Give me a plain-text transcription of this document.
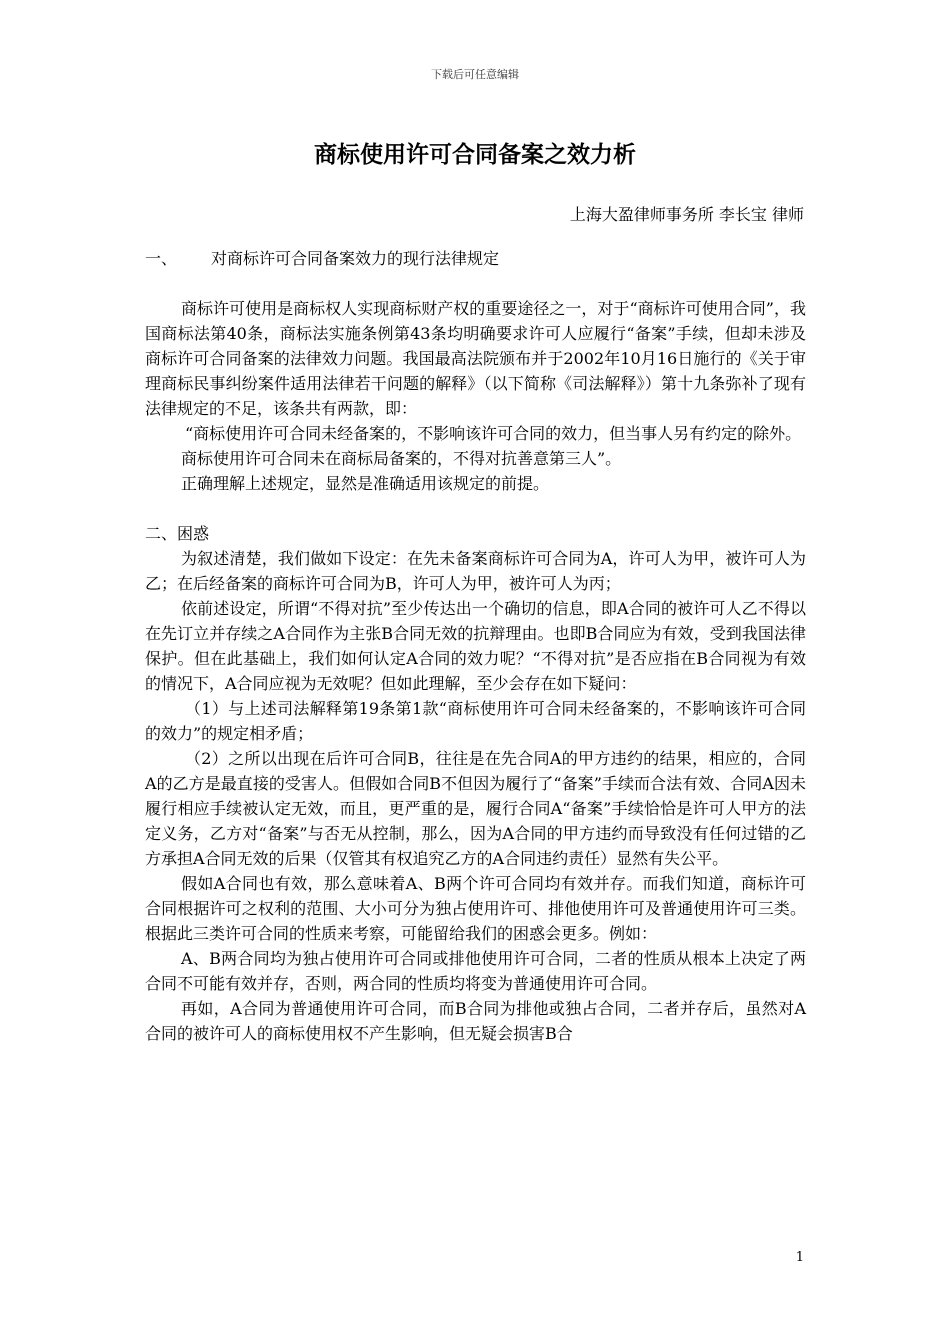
下载后可任意编辑
商标使用许可合同备案之效力析
上海大盈律师事务所 李长宝 律师

一、	对商标许可合同备案效力的现行法律规定

商标许可使用是商标权人实现商标财产权的重要途径之一，对于“商标许可使用合同”，我国商标法第40条，商标法实施条例第43条均明确要求许可人应履行“备案”手续，但却未涉及商标许可合同备案的法律效力问题。我国最高法院颁布并于2002年10月16日施行的《关于审理商标民事纠纷案件适用法律若干问题的解释》（以下简称《司法解释》）第十九条弥补了现有法律规定的不足，该条共有两款，即：

“商标使用许可合同未经备案的，不影响该许可合同的效力，但当事人另有约定的除外。

商标使用许可合同未在商标局备案的，不得对抗善意第三人”。

正确理解上述规定，显然是准确适用该规定的前提。

二、困惑

为叙述清楚，我们做如下设定：在先未备案商标许可合同为A，许可人为甲，被许可人为乙；在后经备案的商标许可合同为B，许可人为甲，被许可人为丙；

依前述设定，所谓“不得对抗”至少传达出一个确切的信息，即A合同的被许可人乙不得以在先订立并存续之A合同作为主张B合同无效的抗辩理由。也即B合同应为有效，受到我国法律保护。但在此基础上，我们如何认定A合同的效力呢？“不得对抗”是否应指在B合同视为有效的情况下，A合同应视为无效呢？但如此理解，至少会存在如下疑问：

（1）与上述司法解释第19条第1款“商标使用许可合同未经备案的，不影响该许可合同的效力”的规定相矛盾；

（2）之所以出现在后许可合同B，往往是在先合同A的甲方违约的结果，相应的，合同A的乙方是最直接的受害人。但假如合同B不但因为履行了“备案”手续而合法有效、合同A因未履行相应手续被认定无效，而且，更严重的是，履行合同A“备案”手续恰恰是许可人甲方的法定义务，乙方对“备案”与否无从控制，那么，因为A合同的甲方违约而导致没有任何过错的乙方承担A合同无效的后果（仅管其有权追究乙方的A合同违约责任）显然有失公平。

假如A合同也有效，那么意味着A、B两个许可合同均有效并存。而我们知道，商标许可合同根据许可之权利的范围、大小可分为独占使用许可、排他使用许可及普通使用许可三类。根据此三类许可合同的性质来考察，可能留给我们的困惑会更多。例如：

A、B两合同均为独占使用许可合同或排他使用许可合同，二者的性质从根本上决定了两合同不可能有效并存，否则，两合同的性质均将变为普通使用许可合同。

再如，A合同为普通使用许可合同，而B合同为排他或独占合同，二者并存后，虽然对A合同的被许可人的商标使用权不产生影响，但无疑会损害B合

1
